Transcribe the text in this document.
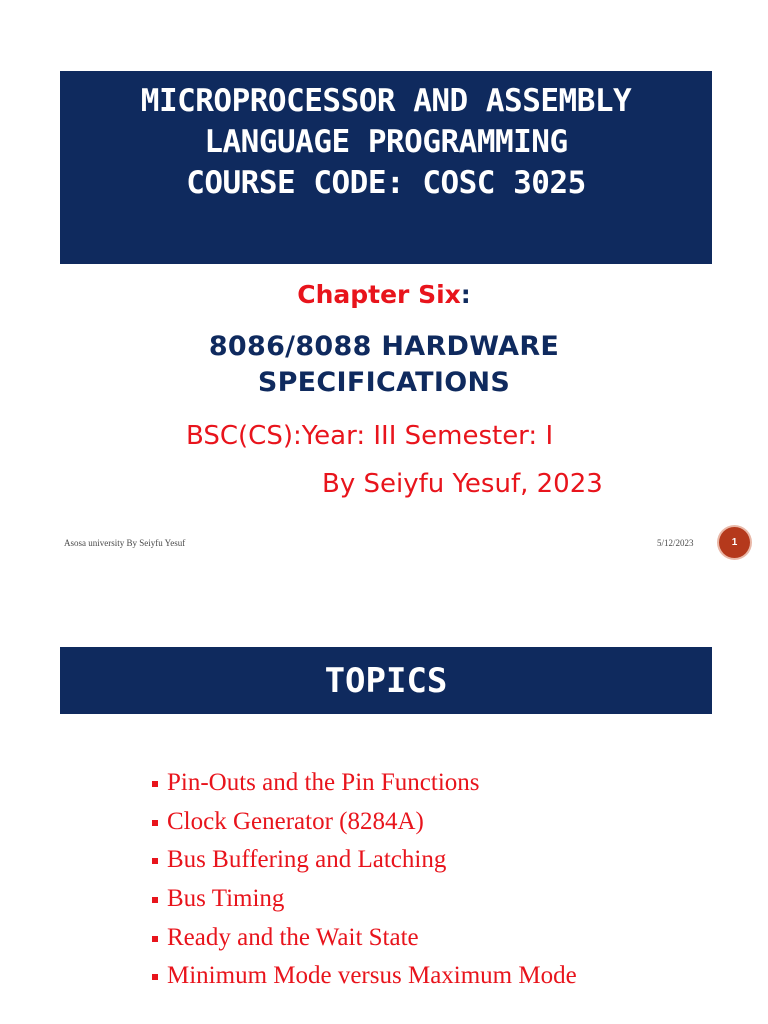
MICROPROCESSOR AND ASSEMBLY
LANGUAGE PROGRAMMING
COURSE CODE: COSC 3025
Chapter Six:
8086/8088 HARDWARE
SPECIFICATIONS
BSC(CS):Year: III Semester: I
By Seiyfu Yesuf, 2023
Asosa university By Seiyfu Yesuf	5/12/2023	1
TOPICS
Pin-Outs and the Pin Functions
Clock Generator (8284A)
Bus Buffering and Latching
Bus Timing
Ready and the Wait State
Minimum Mode versus Maximum Mode
